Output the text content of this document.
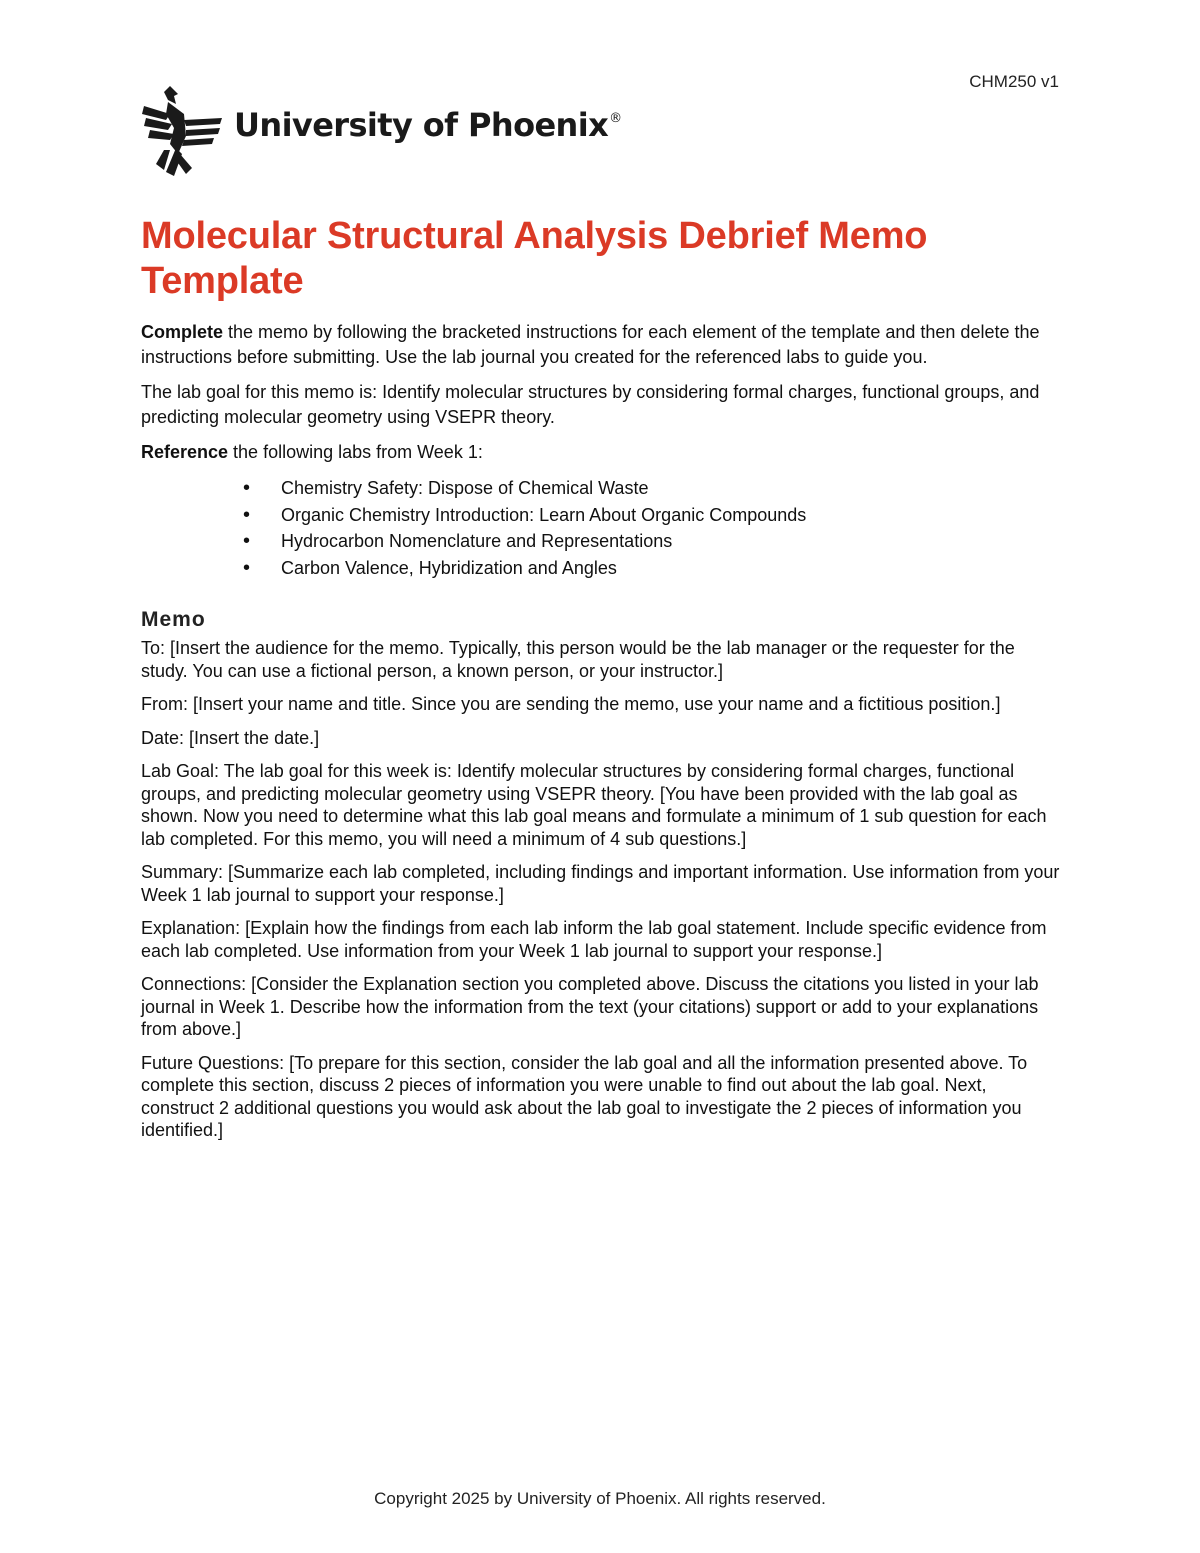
CHM250 v1
University of Phoenix®
Molecular Structural Analysis Debrief Memo Template

Complete the memo by following the bracketed instructions for each element of the template and then delete the instructions before submitting. Use the lab journal you created for the referenced labs to guide you.

The lab goal for this memo is: Identify molecular structures by considering formal charges, functional groups, and predicting molecular geometry using VSEPR theory.

Reference the following labs from Week 1:

• Chemistry Safety: Dispose of Chemical Waste
• Organic Chemistry Introduction: Learn About Organic Compounds
• Hydrocarbon Nomenclature and Representations
• Carbon Valence, Hybridization and Angles
Memo

To: [Insert the audience for the memo. Typically, this person would be the lab manager or the requester for the study. You can use a fictional person, a known person, or your instructor.]

From: [Insert your name and title. Since you are sending the memo, use your name and a fictitious position.]

Date: [Insert the date.]

Lab Goal: The lab goal for this week is: Identify molecular structures by considering formal charges, functional groups, and predicting molecular geometry using VSEPR theory. [You have been provided with the lab goal as shown. Now you need to determine what this lab goal means and formulate a minimum of 1 sub question for each lab completed. For this memo, you will need a minimum of 4 sub questions.]

Summary: [Summarize each lab completed, including findings and important information. Use information from your Week 1 lab journal to support your response.]

Explanation: [Explain how the findings from each lab inform the lab goal statement. Include specific evidence from each lab completed. Use information from your Week 1 lab journal to support your response.]

Connections: [Consider the Explanation section you completed above. Discuss the citations you listed in your lab journal in Week 1. Describe how the information from the text (your citations) support or add to your explanations from above.]

Future Questions: [To prepare for this section, consider the lab goal and all the information presented above. To complete this section, discuss 2 pieces of information you were unable to find out about the lab goal. Next, construct 2 additional questions you would ask about the lab goal to investigate the 2 pieces of information you identified.]

Copyright 2025 by University of Phoenix. All rights reserved.
